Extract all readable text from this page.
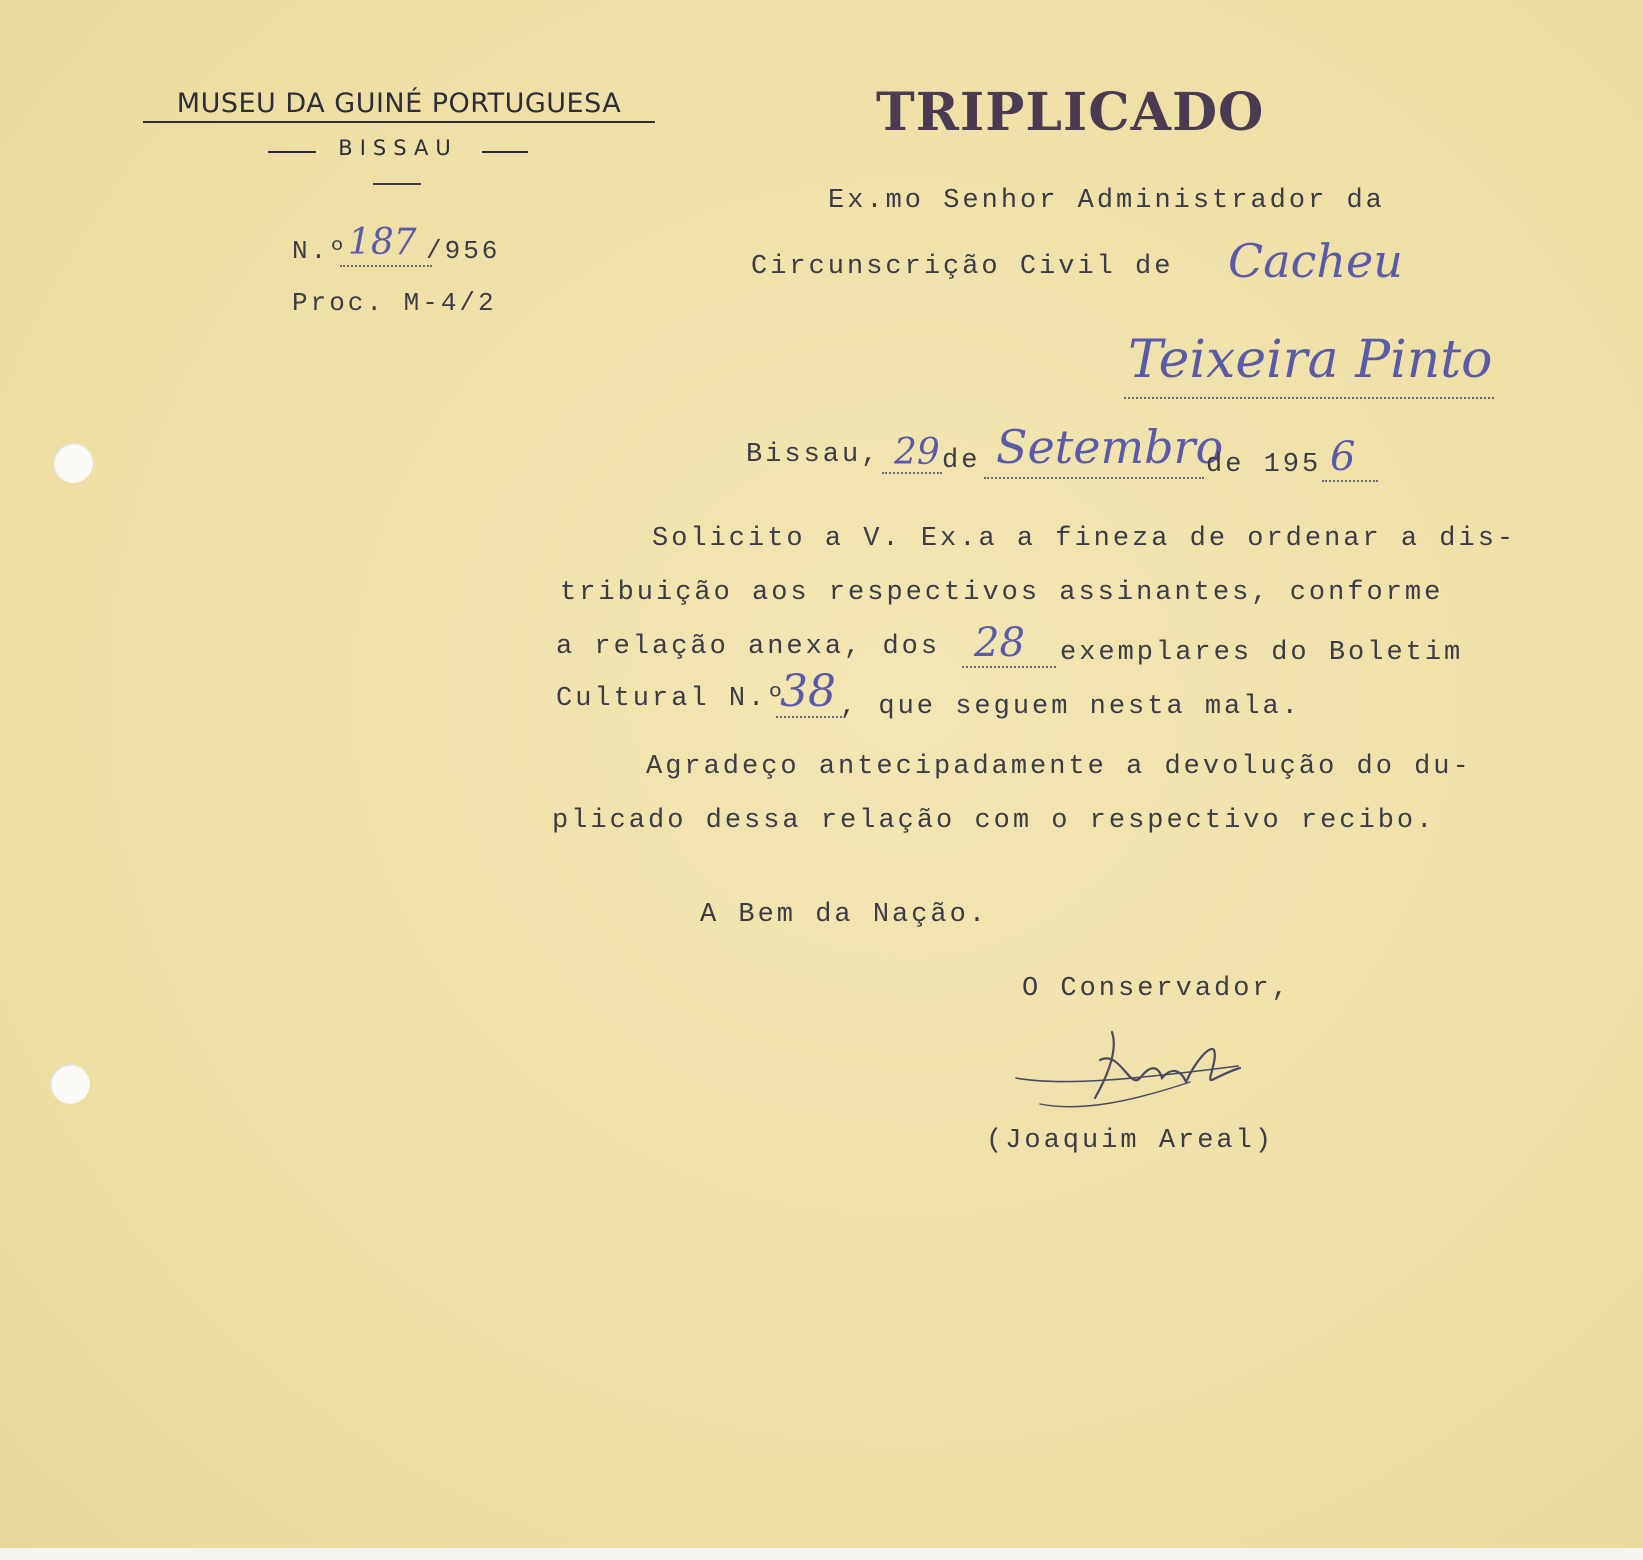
MUSEU DA GUINÉ PORTUGUESA
BISSAU
TRIPLICADO
N.º 187 /956
Proc. M-4/2
Ex.mo Senhor Administrador da
Circunscrição Civil de Cacheu
Teixeira Pinto
Bissau, 29 de Setembro
de 195 6
Solicito a V. Ex.a a fineza de ordenar a dis-
tribuição aos respectivos assinantes, conforme
a relação anexa, dos 28 exemplares do Boletim
Cultural N.º
38 , que seguem nesta mala.
Agradeço antecipadamente a devolução do du-
plicado dessa relação com o respectivo recibo.
A Bem da Nação.
O Conservador,
(Joaquim Areal)
